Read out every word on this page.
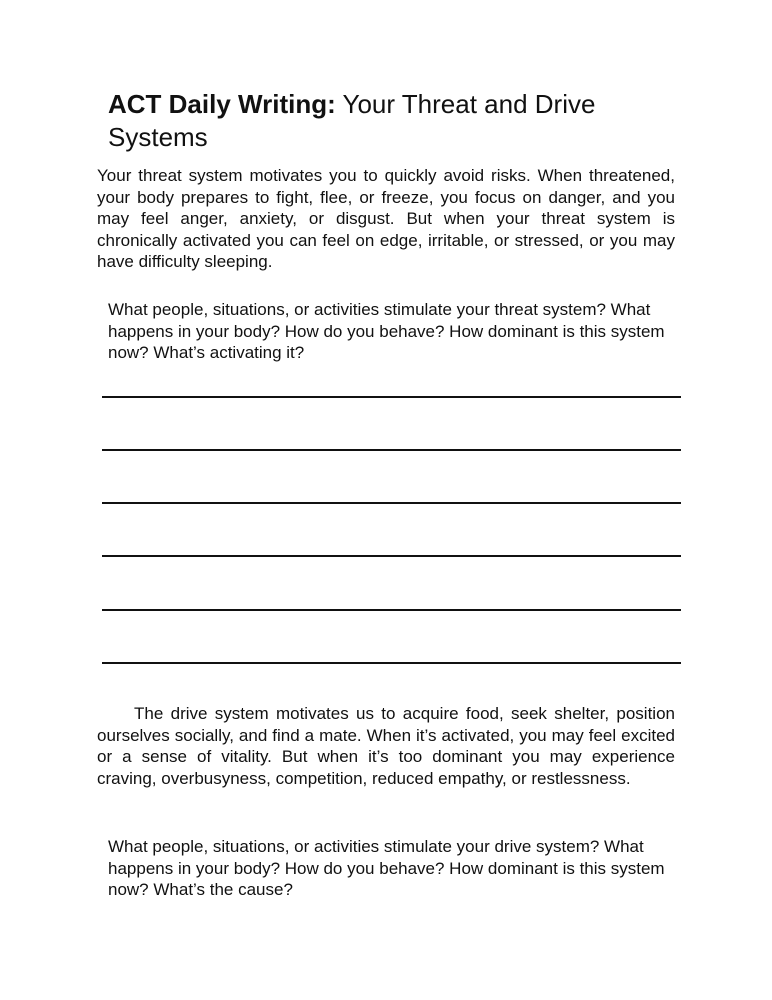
ACT Daily Writing: Your Threat and Drive Systems

Your threat system motivates you to quickly avoid risks. When threatened, your body prepares to fight, flee, or freeze, you focus on danger, and you may feel anger, anxiety, or disgust. But when your threat system is chronically activated you can feel on edge, irritable, or stressed, or you may have difficulty sleeping.

What people, situations, or activities stimulate your threat system? What happens in your body? How do you behave? How dominant is this system now? What’s activating it?

The drive system motivates us to acquire food, seek shelter, position ourselves socially, and find a mate. When it’s activated, you may feel excited or a sense of vitality. But when it’s too dominant you may experience craving, overbusyness, competition, reduced empathy, or restlessness.

What people, situations, or activities stimulate your drive system? What happens in your body? How do you behave? How dominant is this system now? What’s the cause?
